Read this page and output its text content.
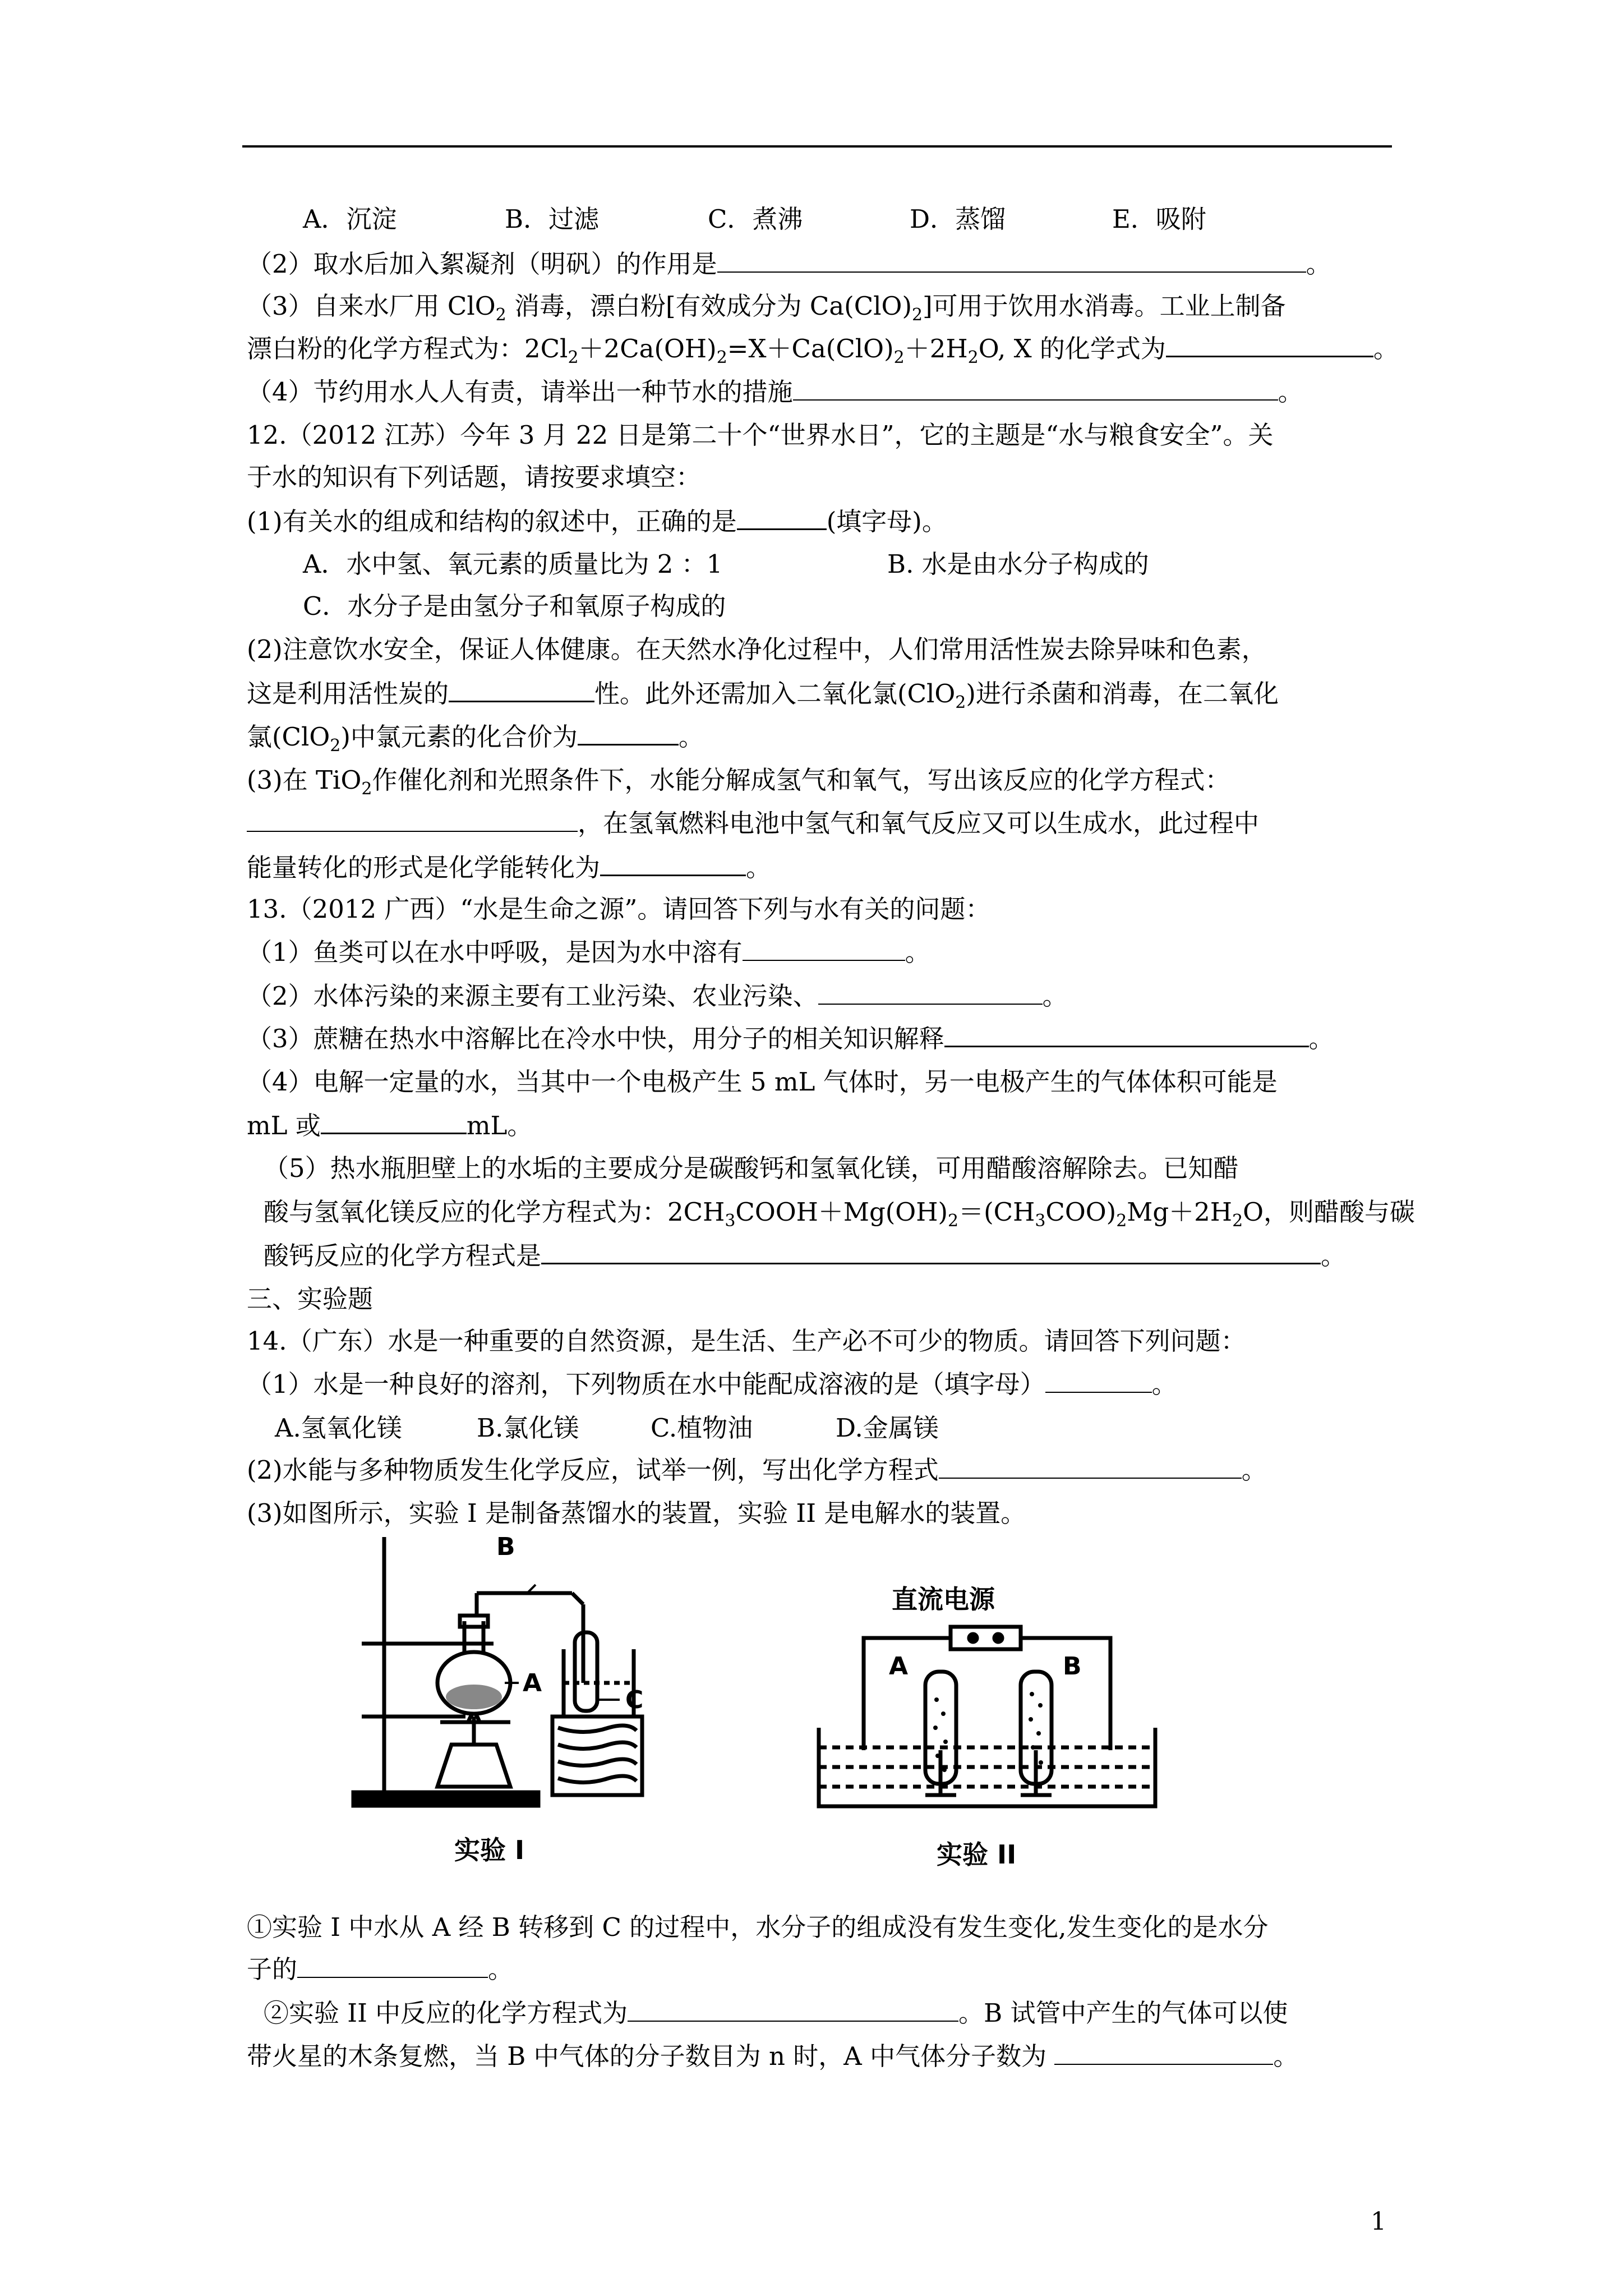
A．沉淀	B．过滤	C．煮沸	D．蒸馏	E．吸附
（2）取水后加入絮凝剂（明矾）的作用是	。
（3）自来水厂用 ClO$_2$ 消毒，漂白粉[有效成分为 $Ca(ClO)_2$]可用于饮用水消毒。工业上制备
漂白粉的化学方程式为：$2Cl_2+2Ca(OH)_2=X+Ca(ClO)_2+2H_2O$, X 的化学式为	。
（4）节约用水人人有责，请举出一种节水的措施	。
12.（2012 江苏）今年 3 月 22 日是第二十个“世界水日”，它的主题是“水与粮食安全”。关
于水的知识有下列话题，请按要求填空：
(1)有关水的组成和结构的叙述中，正确的是	(填字母)。
A．水中氢、氧元素的质量比为 2 ：1	B. 水是由水分子构成的
C．水分子是由氢分子和氧原子构成的
(2)注意饮水安全，保证人体健康。在天然水净化过程中，人们常用活性炭去除异味和色素，
这是利用活性炭的	性。此外还需加入二氧化氯(ClO$_2$)进行杀菌和消毒，在二氧化
氯(ClO$_2$)中氯元素的化合价为	。
(3)在 TiO$_2$作催化剂和光照条件下，水能分解成氢气和氧气，写出该反应的化学方程式：
，在氢氧燃料电池中氢气和氧气反应又可以生成水，此过程中
能量转化的形式是化学能转化为	。
13.（2012 广西）“水是生命之源”。请回答下列与水有关的问题：
（1）鱼类可以在水中呼吸，是因为水中溶有	。
（2）水体污染的来源主要有工业污染、农业污染、	。
（3）蔗糖在热水中溶解比在冷水中快，用分子的相关知识解释	。
（4）电解一定量的水，当其中一个电极产生 5 mL 气体时，另一电极产生的气体体积可能是
mL 或	mL。
（5）热水瓶胆壁上的水垢的主要成分是碳酸钙和氢氧化镁，可用醋酸溶解除去。已知醋
酸与氢氧化镁反应的化学方程式为：$2CH_3COOH+Mg(OH)_2=(CH_3COO)_2Mg+2H_2O$，则醋酸与碳
酸钙反应的化学方程式是	。
三、实验题
14.（广东）水是一种重要的自然资源，是生活、生产必不可少的物质。请回答下列问题：
（1）水是一种良好的溶剂，下列物质在水中能配成溶液的是（填字母）	。
A.氢氧化镁	B.氯化镁	C.植物油	D.金属镁
(2)水能与多种物质发生化学反应，试举一例，写出化学方程式	。
(3)如图所示，实验 I 是制备蒸馏水的装置，实验 II 是电解水的装置。
B
A
C
实验 I
直流电源
A	B
实验 II
①实验 I 中水从 A 经 B 转移到 C 的过程中，水分子的组成没有发生变化,发生变化的是水分
子的	。
②实验 II 中反应的化学方程式为	。B 试管中产生的气体可以使
带火星的木条复燃，当 B 中气体的分子数目为 n 时，A 中气体分子数为	。
1
